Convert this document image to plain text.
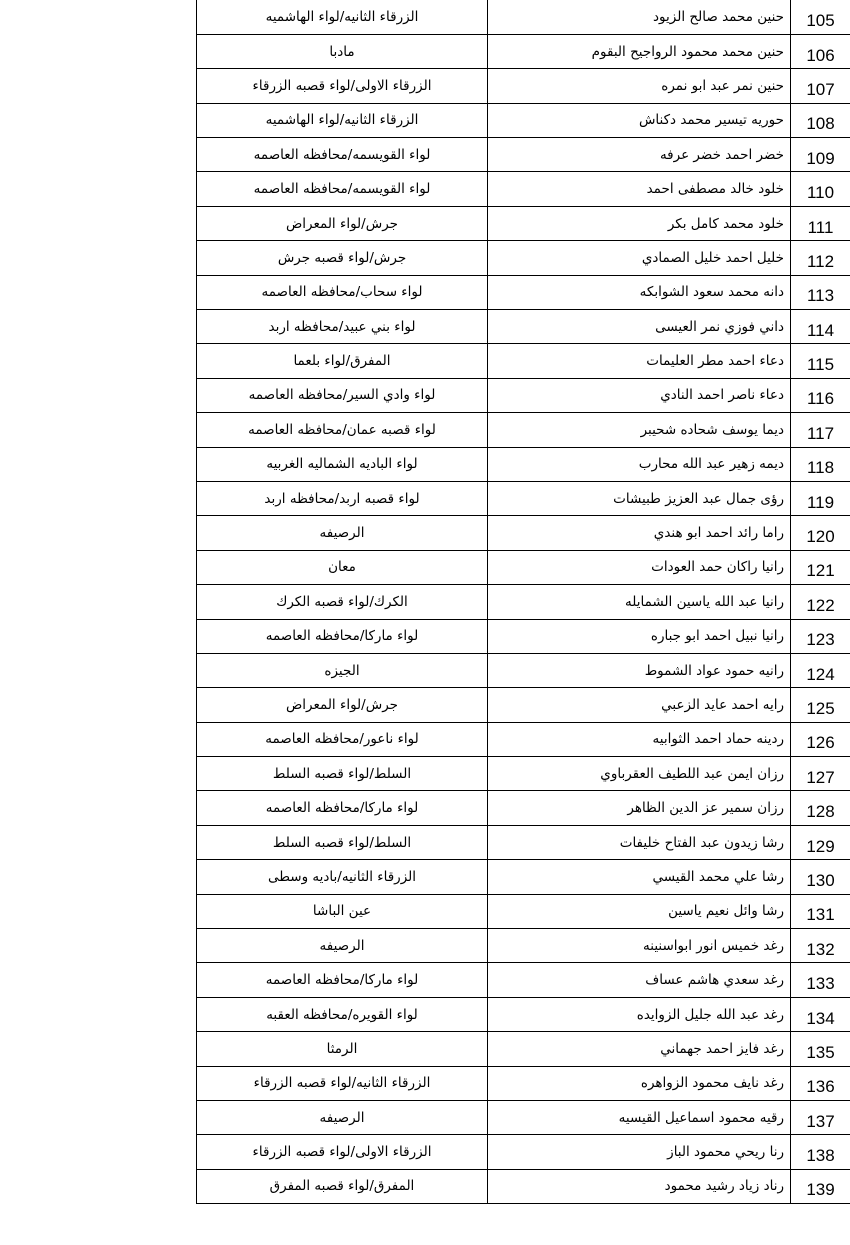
105	حنين محمد صالح الزيود	الزرقاء الثانيه/لواء الهاشميه
106	حنين محمد محمود الرواجيح البقوم	مادبا
107	حنين نمر عبد ابو نمره	الزرقاء الاولى/لواء قصبه الزرقاء
108	حوريه تيسير محمد دكناش	الزرقاء الثانيه/لواء الهاشميه
109	خضر احمد خضر عرفه	لواء القويسمه/محافظه العاصمه
110	خلود خالد مصطفى احمد	لواء القويسمه/محافظه العاصمه
111	خلود محمد كامل بكر	جرش/لواء المعراض
112	خليل احمد خليل الصمادي	جرش/لواء قصبه جرش
113	دانه محمد سعود الشوابكه	لواء سحاب/محافظه العاصمه
114	داني فوزي نمر العيسى	لواء بني عبيد/محافظه اربد
115	دعاء احمد مطر العليمات	المفرق/لواء بلعما
116	دعاء ناصر احمد النادي	لواء وادي السير/محافظه العاصمه
117	ديما يوسف شحاده شحيبر	لواء قصبه عمان/محافظه العاصمه
118	ديمه زهير عبد الله محارب	لواء الباديه الشماليه الغربيه
119	رؤى جمال عبد العزيز طبيشات	لواء قصبه اربد/محافظه اربد
120	راما رائد احمد ابو هندي	الرصيفه
121	رانيا راكان حمد العودات	معان
122	رانيا عبد الله ياسين الشمايله	الكرك/لواء قصبه الكرك
123	رانيا نبيل احمد ابو جباره	لواء ماركا/محافظه العاصمه
124	رانيه حمود عواد الشموط	الجيزه
125	رايه احمد عايد الزعبي	جرش/لواء المعراض
126	ردينه حماد احمد الثوابيه	لواء ناعور/محافظه العاصمه
127	رزان ايمن عبد اللطيف العقرباوي	السلط/لواء قصبه السلط
128	رزان سمير عز الدين الظاهر	لواء ماركا/محافظه العاصمه
129	رشا زيدون عبد الفتاح خليفات	السلط/لواء قصبه السلط
130	رشا علي محمد القيسي	الزرقاء الثانيه/باديه وسطى
131	رشا وائل نعيم ياسين	عين الباشا
132	رغد خميس انور ابواسنينه	الرصيفه
133	رغد سعدي هاشم عساف	لواء ماركا/محافظه العاصمه
134	رغد عبد الله جليل الزوايده	لواء القويره/محافظه العقبه
135	رغد فايز احمد جهماني	الرمثا
136	رغد نايف محمود الزواهره	الزرقاء الثانيه/لواء قصبه الزرقاء
137	رقيه محمود اسماعيل القيسيه	الرصيفه
138	رنا ريحي محمود الباز	الزرقاء الاولى/لواء قصبه الزرقاء
139	رناد زياد رشيد محمود	المفرق/لواء قصبه المفرق
